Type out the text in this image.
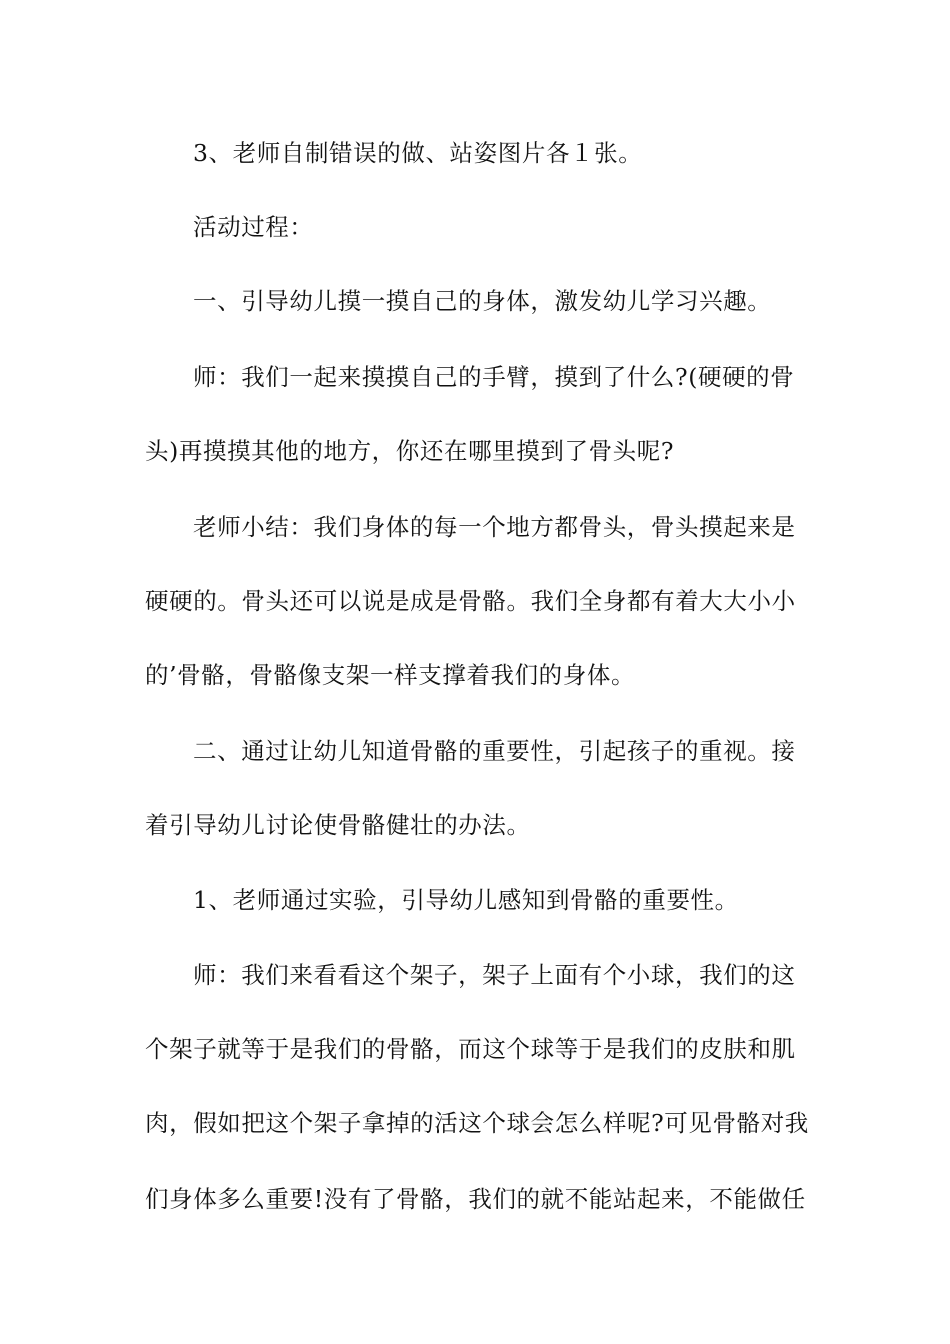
3、老师自制错误的做、站姿图片各１张。
活动过程：
一、引导幼儿摸一摸自己的身体，激发幼儿学习兴趣。
师：我们一起来摸摸自己的手臂，摸到了什么?(硬硬的骨
头)再摸摸其他的地方，你还在哪里摸到了骨头呢?
老师小结：我们身体的每一个地方都骨头，骨头摸起来是
硬硬的。骨头还可以说是成是骨骼。我们全身都有着大大小小
的’骨骼，骨骼像支架一样支撑着我们的身体。
二、通过让幼儿知道骨骼的重要性，引起孩子的重视。接
着引导幼儿讨论使骨骼健壮的办法。
1、老师通过实验，引导幼儿感知到骨骼的重要性。
师：我们来看看这个架子，架子上面有个小球，我们的这
个架子就等于是我们的骨骼，而这个球等于是我们的皮肤和肌
肉，假如把这个架子拿掉的活这个球会怎么样呢?可见骨骼对我
们身体多么重要!没有了骨骼，我们的就不能站起来，不能做任
